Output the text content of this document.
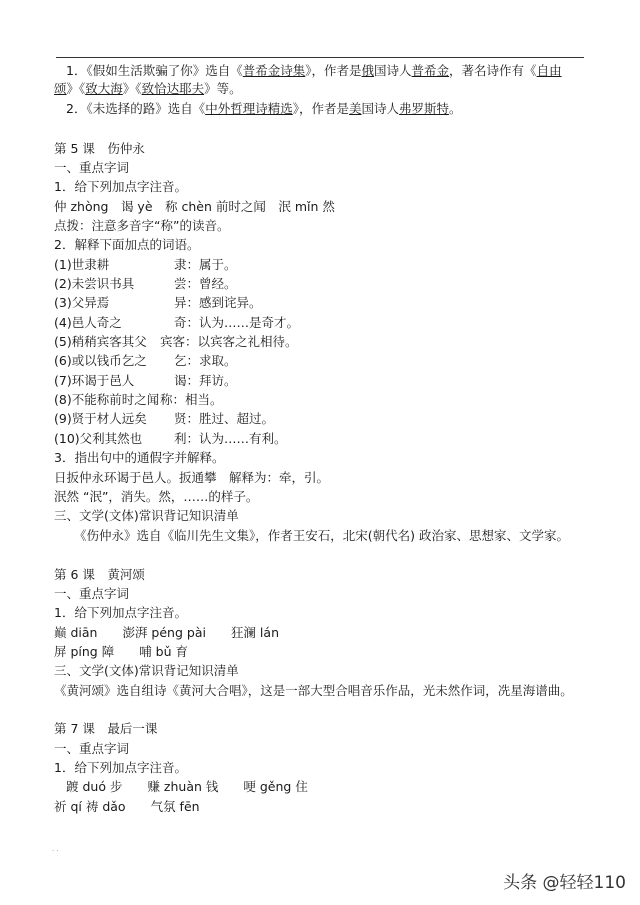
1．《假如生活欺骗了你》选自《普希金诗集》，作者是俄国诗人普希金，著名诗作有《自由
颂》《致大海》《致恰达耶夫》等。
2．《未选择的路》选自《中外哲理诗精选》，作者是美国诗人弗罗斯特。
第 5 课　伤仲永
一、重点字词
1．给下列加点字注音。
仲 zhòng　谒 yè　称 chèn 前时之闻　泯 mǐn 然
点拨：注意多音字“称”的读音。
2．解释下面加点的词语。
(1)世隶耕	隶：属于。
(2)未尝识书具	尝：曾经。
(3)父异焉	异：感到诧异。
(4)邑人奇之	奇：认为……是奇才。
(5)稍稍宾客其父 宾客：以宾客之礼相待。
(6)或以钱币乞之 乞：求取。
(7)环谒于邑人	谒：拜访。
(8)不能称前时之闻 称：相当。
(9)贤于材人远矣 贤：胜过、超过。
(10)父利其然也	利：认为……有利。
3．指出句中的通假字并解释。
日扳仲永环谒于邑人。扳通攀　解释为：牵，引。
泯然 “泯”，消失。然，……的样子。
三、文学(文体)常识背记知识清单
《伤仲永》选自《临川先生文集》，作者王安石，北宋(朝代名) 政治家、思想家、文学家。
第 6 课　黄河颂
一、重点字词
1．给下列加点字注音。
巅 diān　　澎湃 péng pài　　狂澜 lán
屏 píng 障　　哺 bǔ 育
三、文学(文体)常识背记知识清单
《黄河颂》选自组诗《黄河大合唱》，这是一部大型合唱音乐作品，光未然作词，冼星海谱曲。
第 7 课　最后一课
一、重点字词
1．给下列加点字注音。
踱 duó 步　　赚 zhuàn 钱　　哽 gěng 住
祈 qí 祷 dǎo　　气氛 fēn
. .
头条 @轻轻110
